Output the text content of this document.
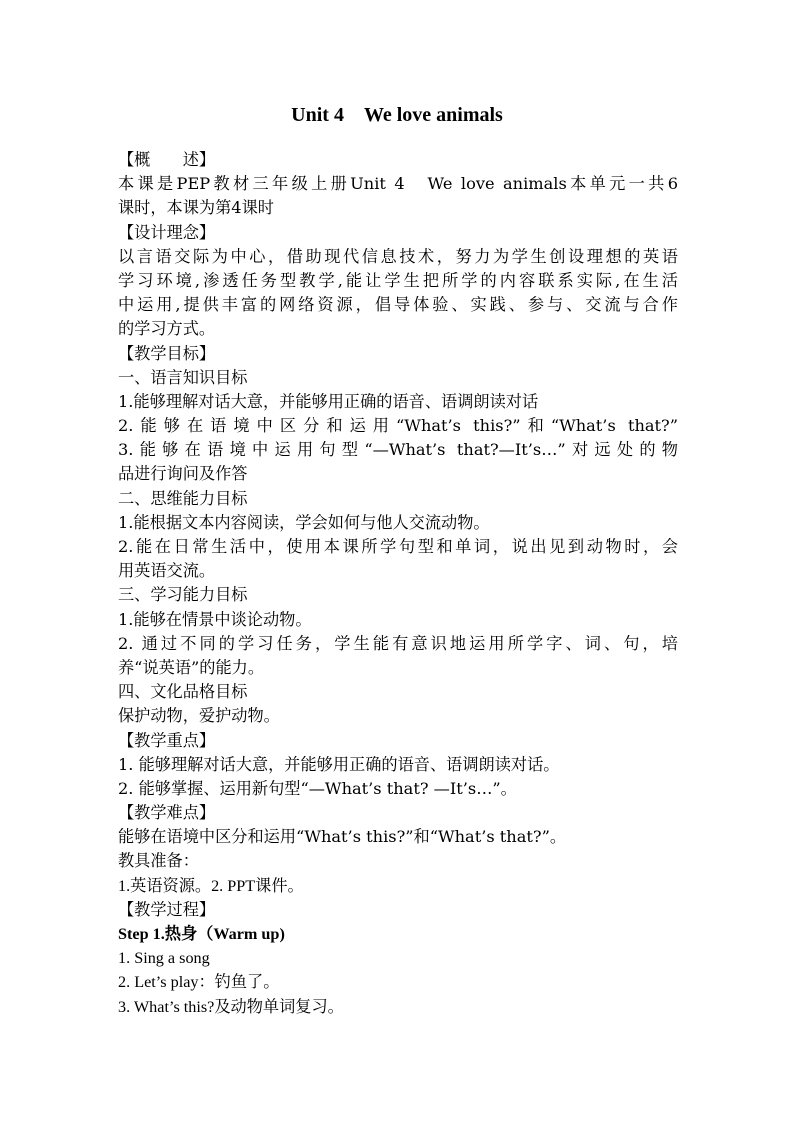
Unit 4　We love animals
【概　　述】
本课是PEP教材三年级上册Unit 4　We love animals本单元一共6
课时，本课为第4课时
【设计理念】
以言语交际为中心，借助现代信息技术，努力为学生创设理想的英语
学习环境,渗透任务型教学,能让学生把所学的内容联系实际,在生活
中运用,提供丰富的网络资源，倡导体验、实践、参与、交流与合作
的学习方式。
【教学目标】
一、语言知识目标
1.能够理解对话大意，并能够用正确的语音、语调朗读对话
2.能够在语境中区分和运用“What’s this?”和“What’s that?”
3.能够在语境中运用句型“—What’s that?—It’s…”对远处的物
品进行询问及作答
二、思维能力目标
1.能根据文本内容阅读，学会如何与他人交流动物。
2.能在日常生活中，使用本课所学句型和单词，说出见到动物时，会
用英语交流。
三、学习能力目标
1.能够在情景中谈论动物。
2. 通过不同的学习任务，学生能有意识地运用所学字、词、句，培
养“说英语”的能力。
四、文化品格目标
保护动物，爱护动物。
【教学重点】
1. 能够理解对话大意，并能够用正确的语音、语调朗读对话。
2. 能够掌握、运用新句型“—What’s that? —It’s…”。
【教学难点】
能够在语境中区分和运用“What’s this?”和“What’s that?”。
教具准备：
1.英语资源。2. PPT课件。
【教学过程】
Step 1.热身（Warm up)
1. Sing a song
2. Let’s play：钓鱼了。
3. What’s this?及动物单词复习。
